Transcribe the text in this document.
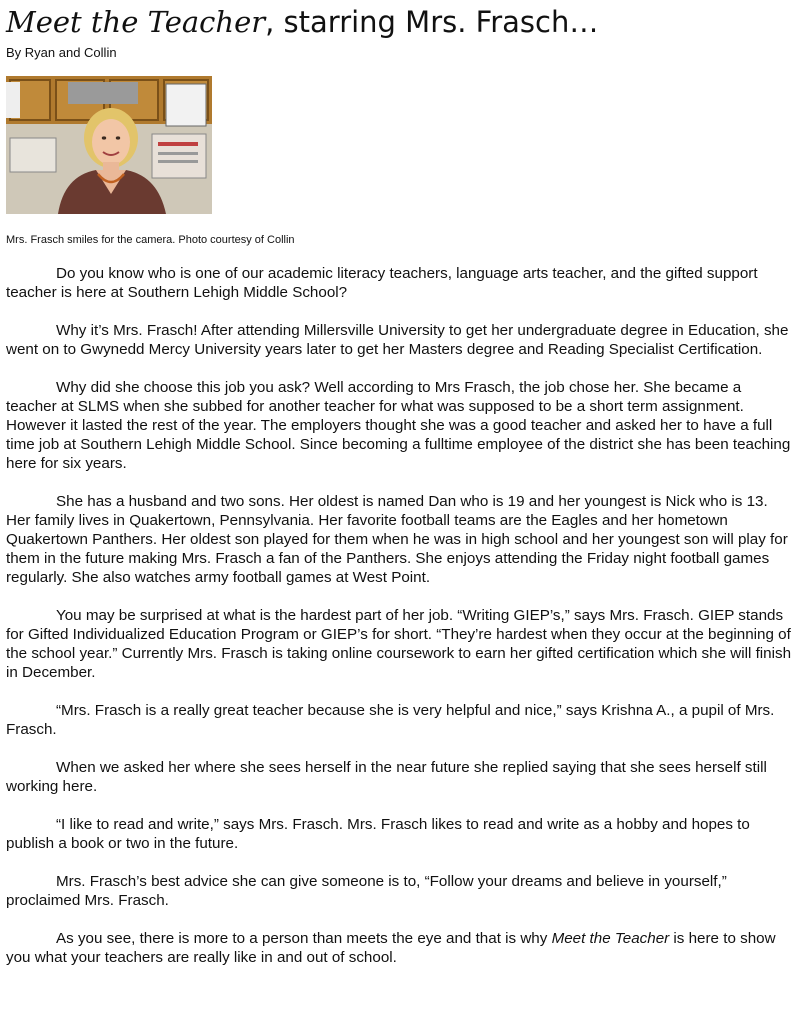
Meet the Teacher, starring Mrs. Frasch…
By Ryan and Collin
Mrs. Frasch smiles for the camera. Photo courtesy of Collin

Do you know who is one of our academic literacy teachers, language arts teacher, and the gifted support teacher is here at Southern Lehigh Middle School?

Why it’s Mrs. Frasch! After attending Millersville University to get her undergraduate degree in Education, she went on to Gwynedd Mercy University years later to get her Masters degree and Reading Specialist Certification.

Why did she choose this job you ask? Well according to Mrs Frasch, the job chose her. She became a teacher at SLMS when she subbed for another teacher for what was supposed to be a short term assignment. However it lasted the rest of the year. The employers thought she was a good teacher and asked her to have a full time job at Southern Lehigh Middle School. Since becoming a fulltime employee of the district she has been teaching here for six years.

She has a husband and two sons. Her oldest is named Dan who is 19 and her youngest is Nick who is 13. Her family lives in Quakertown, Pennsylvania. Her favorite football teams are the Eagles and her hometown Quakertown Panthers. Her oldest son played for them when he was in high school and her youngest son will play for them in the future making Mrs. Frasch a fan of the Panthers. She enjoys attending the Friday night football games regularly. She also watches army football games at West Point.

You may be surprised at what is the hardest part of her job. “Writing GIEP’s,” says Mrs. Frasch. GIEP stands for Gifted Individualized Education Program or GIEP’s for short. “They’re hardest when they occur at the beginning of the school year.” Currently Mrs. Frasch is taking online coursework to earn her gifted certification which she will finish in December.

“Mrs. Frasch is a really great teacher because she is very helpful and nice,” says Krishna A., a pupil of Mrs. Frasch.

When we asked her where she sees herself in the near future she replied saying that she sees herself still working here.

“I like to read and write,” says Mrs. Frasch. Mrs. Frasch likes to read and write as a hobby and hopes to publish a book or two in the future.

Mrs. Frasch’s best advice she can give someone is to, “Follow your dreams and believe in yourself,” proclaimed Mrs. Frasch.

As you see, there is more to a person than meets the eye and that is why Meet the Teacher is here to show you what your teachers are really like in and out of school.
